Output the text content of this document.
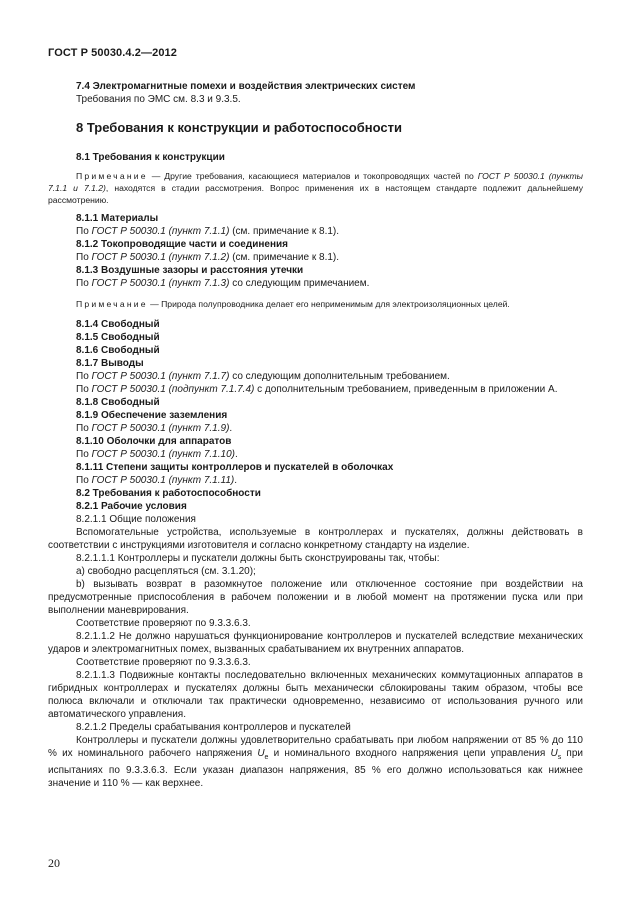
ГОСТ Р 50030.4.2—2012

7.4 Электромагнитные помехи и воздействия электрических систем

Требования по ЭМС см. 8.3 и 9.3.5.

8 Требования к конструкции и работоспособности

8.1 Требования к конструкции

Примечание — Другие требования, касающиеся материалов и токопроводящих частей по ГОСТ Р 50030.1 (пункты 7.1.1 и 7.1.2), находятся в стадии рассмотрения. Вопрос применения их в настоящем стандарте подлежит дальнейшему рассмотрению.

8.1.1 Материалы

По ГОСТ Р 50030.1 (пункт 7.1.1) (см. примечание к 8.1).

8.1.2 Токопроводящие части и соединения

По ГОСТ Р 50030.1 (пункт 7.1.2) (см. примечание к 8.1).

8.1.3 Воздушные зазоры и расстояния утечки

По ГОСТ Р 50030.1 (пункт 7.1.3) со следующим примечанием.

Примечание — Природа полупроводника делает его неприменимым для электроизоляционных целей.

8.1.4 Свободный

8.1.5 Свободный

8.1.6 Свободный

8.1.7 Выводы

По ГОСТ Р 50030.1 (пункт 7.1.7) со следующим дополнительным требованием.

По ГОСТ Р 50030.1 (подпункт 7.1.7.4) с дополнительным требованием, приведенным в приложении А.

8.1.8 Свободный

8.1.9 Обеспечение заземления

По ГОСТ Р 50030.1 (пункт 7.1.9).

8.1.10 Оболочки для аппаратов

По ГОСТ Р 50030.1 (пункт 7.1.10).

8.1.11 Степени защиты контроллеров и пускателей в оболочках

По ГОСТ Р 50030.1 (пункт 7.1.11).

8.2 Требования к работоспособности

8.2.1 Рабочие условия

8.2.1.1 Общие положения

Вспомогательные устройства, используемые в контроллерах и пускателях, должны действовать в соответствии с инструкциями изготовителя и согласно конкретному стандарту на изделие.

8.2.1.1.1 Контроллеры и пускатели должны быть сконструированы так, чтобы:

a) свободно расцепляться (см. 3.1.20);

b) вызывать возврат в разомкнутое положение или отключенное состояние при воздействии на предусмотренные приспособления в рабочем положении и в любой момент на протяжении пуска или при выполнении маневрирования.

Соответствие проверяют по 9.3.3.6.3.

8.2.1.1.2 Не должно нарушаться функционирование контроллеров и пускателей вследствие механических ударов и электромагнитных помех, вызванных срабатыванием их внутренних аппаратов.

Соответствие проверяют по 9.3.3.6.3.

8.2.1.1.3 Подвижные контакты последовательно включенных механических коммутационных аппаратов в гибридных контроллерах и пускателях должны быть механически сблокированы таким образом, чтобы все полюса включали и отключали так практически одновременно, независимо от использования ручного или автоматического управления.

8.2.1.2 Пределы срабатывания контроллеров и пускателей

Контроллеры и пускатели должны удовлетворительно срабатывать при любом напряжении от 85 % до 110 % их номинального рабочего напряжения $U_e$ и номинального входного напряжения цепи управления $U_s$ при испытаниях по 9.3.3.6.3. Если указан диапазон напряжения, 85 % его должно использоваться как нижнее значение и 110 % — как верхнее.

20
